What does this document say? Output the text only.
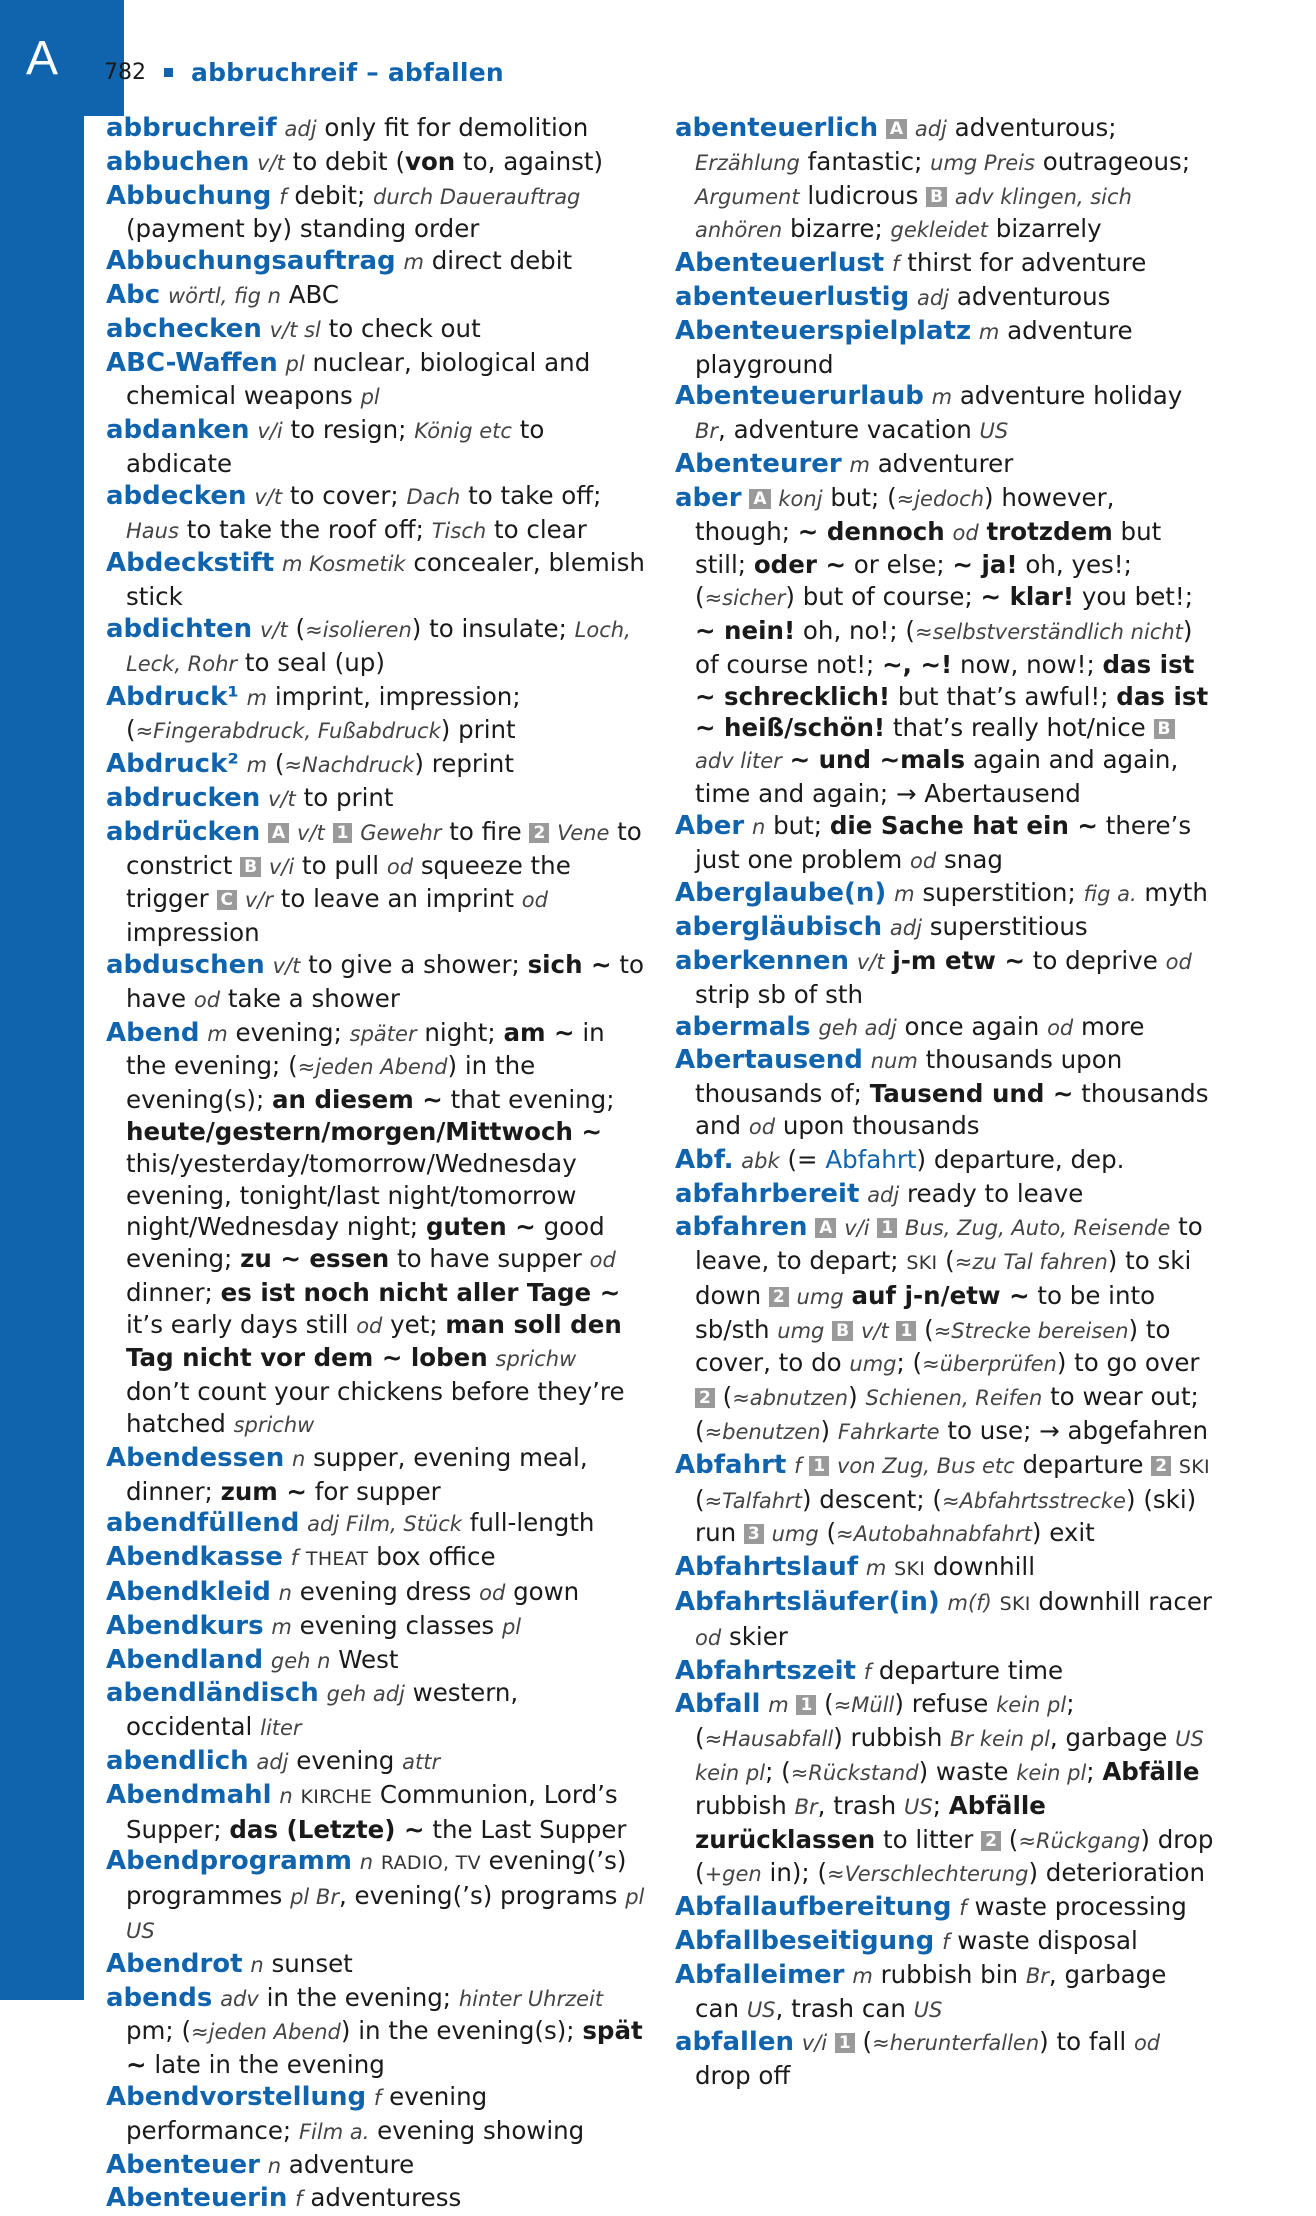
A 782 abbruchreif – abfallen

abbruchreif adj only fit for demolition

abbuchen v/t to debit (von to, against)

Abbuchung f debit; durch Dauerauftrag (payment by) standing order

Abbuchungsauftrag m direct debit

Abc wörtl, fig n ABC

abchecken v/t sl to check out

ABC-Waffen pl nuclear, biological and chemical weapons pl

abdanken v/i to resign; König etc to abdicate

abdecken v/t to cover; Dach to take off; Haus to take the roof off; Tisch to clear

Abdeckstift m Kosmetik concealer, blemish stick

abdichten v/t (≈isolieren) to insulate; Loch, Leck, Rohr to seal (up)

Abdruck¹ m imprint, impression; (≈Fingerabdruck, Fußabdruck) print

Abdruck² m (≈Nachdruck) reprint

abdrucken v/t to print

abdrücken A v/t 1 Gewehr to fire 2 Vene to constrict B v/i to pull od squeeze the trigger C v/r to leave an imprint od impression

abduschen v/t to give a shower; sich ~ to have od take a shower

Abend m evening; später night; am ~ in the evening; (≈jeden Abend) in the evening(s); an diesem ~ that evening; heute/gestern/morgen/Mittwoch ~ this/yesterday/tomorrow/Wednesday evening, tonight/last night/tomorrow night/Wednesday night; guten ~ good evening; zu ~ essen to have supper od dinner; es ist noch nicht aller Tage ~ it’s early days still od yet; man soll den Tag nicht vor dem ~ loben sprichw don’t count your chickens before they’re hatched sprichw

Abendessen n supper, evening meal, dinner; zum ~ for supper

abendfüllend adj Film, Stück full-length

Abendkasse f THEAT box office

Abendkleid n evening dress od gown

Abendkurs m evening classes pl

Abendland geh n West

abendländisch geh adj western, occidental liter

abendlich adj evening attr

Abendmahl n KIRCHE Communion, Lord’s Supper; das (Letzte) ~ the Last Supper

Abendprogramm n RADIO, TV evening(’s) programmes pl Br, evening(’s) programs pl US

Abendrot n sunset

abends adv in the evening; hinter Uhrzeit pm; (≈jeden Abend) in the evening(s); spät ~ late in the evening

Abendvorstellung f evening performance; Film a. evening showing

Abenteuer n adventure

Abenteuerin f adventuress

abenteuerlich A adj adventurous; Erzählung fantastic; umg Preis outrageous; Argument ludicrous B adv klingen, sich anhören bizarre; gekleidet bizarrely

Abenteuerlust f thirst for adventure

abenteuerlustig adj adventurous

Abenteuerspielplatz m adventure playground

Abenteuerurlaub m adventure holiday Br, adventure vacation US

Abenteurer m adventurer

aber A konj but; (≈jedoch) however, though; ~ dennoch od trotzdem but still; oder ~ or else; ~ ja! oh, yes!; (≈sicher) but of course; ~ klar! you bet!; ~ nein! oh, no!; (≈selbstverständlich nicht) of course not!; ~, ~! now, now!; das ist ~ schrecklich! but that’s awful!; das ist ~ heiß/schön! that’s really hot/nice B adv liter ~ und ~mals again and again, time and again; → Abertausend

Aber n but; die Sache hat ein ~ there’s just one problem od snag

Aberglaube(n) m superstition; fig a. myth

abergläubisch adj superstitious

aberkennen v/t j-m etw ~ to deprive od strip sb of sth

abermals geh adj once again od more

Abertausend num thousands upon thousands of; Tausend und ~ thousands and od upon thousands

Abf. abk (= Abfahrt) departure, dep.

abfahrbereit adj ready to leave

abfahren A v/i 1 Bus, Zug, Auto, Reisende to leave, to depart; SKI (≈zu Tal fahren) to ski down 2 umg auf j-n/etw ~ to be into sb/sth umg B v/t 1 (≈Strecke bereisen) to cover, to do umg; (≈überprüfen) to go over 2 (≈abnutzen) Schienen, Reifen to wear out; (≈benutzen) Fahrkarte to use; → abgefahren

Abfahrt f 1 von Zug, Bus etc departure 2 SKI (≈Talfahrt) descent; (≈Abfahrtsstrecke) (ski) run 3 umg (≈Autobahnabfahrt) exit

Abfahrtslauf m SKI downhill

Abfahrtsläufer(in) m(f) SKI downhill racer od skier

Abfahrtszeit f departure time

Abfall m 1 (≈Müll) refuse kein pl; (≈Hausabfall) rubbish Br kein pl, garbage US kein pl; (≈Rückstand) waste kein pl; Abfälle rubbish Br, trash US; Abfälle zurücklassen to litter 2 (≈Rückgang) drop (+gen in); (≈Verschlechterung) deterioration

Abfallaufbereitung f waste processing

Abfallbeseitigung f waste disposal

Abfalleimer m rubbish bin Br, garbage can US, trash can US

abfallen v/i 1 (≈herunterfallen) to fall od drop off
